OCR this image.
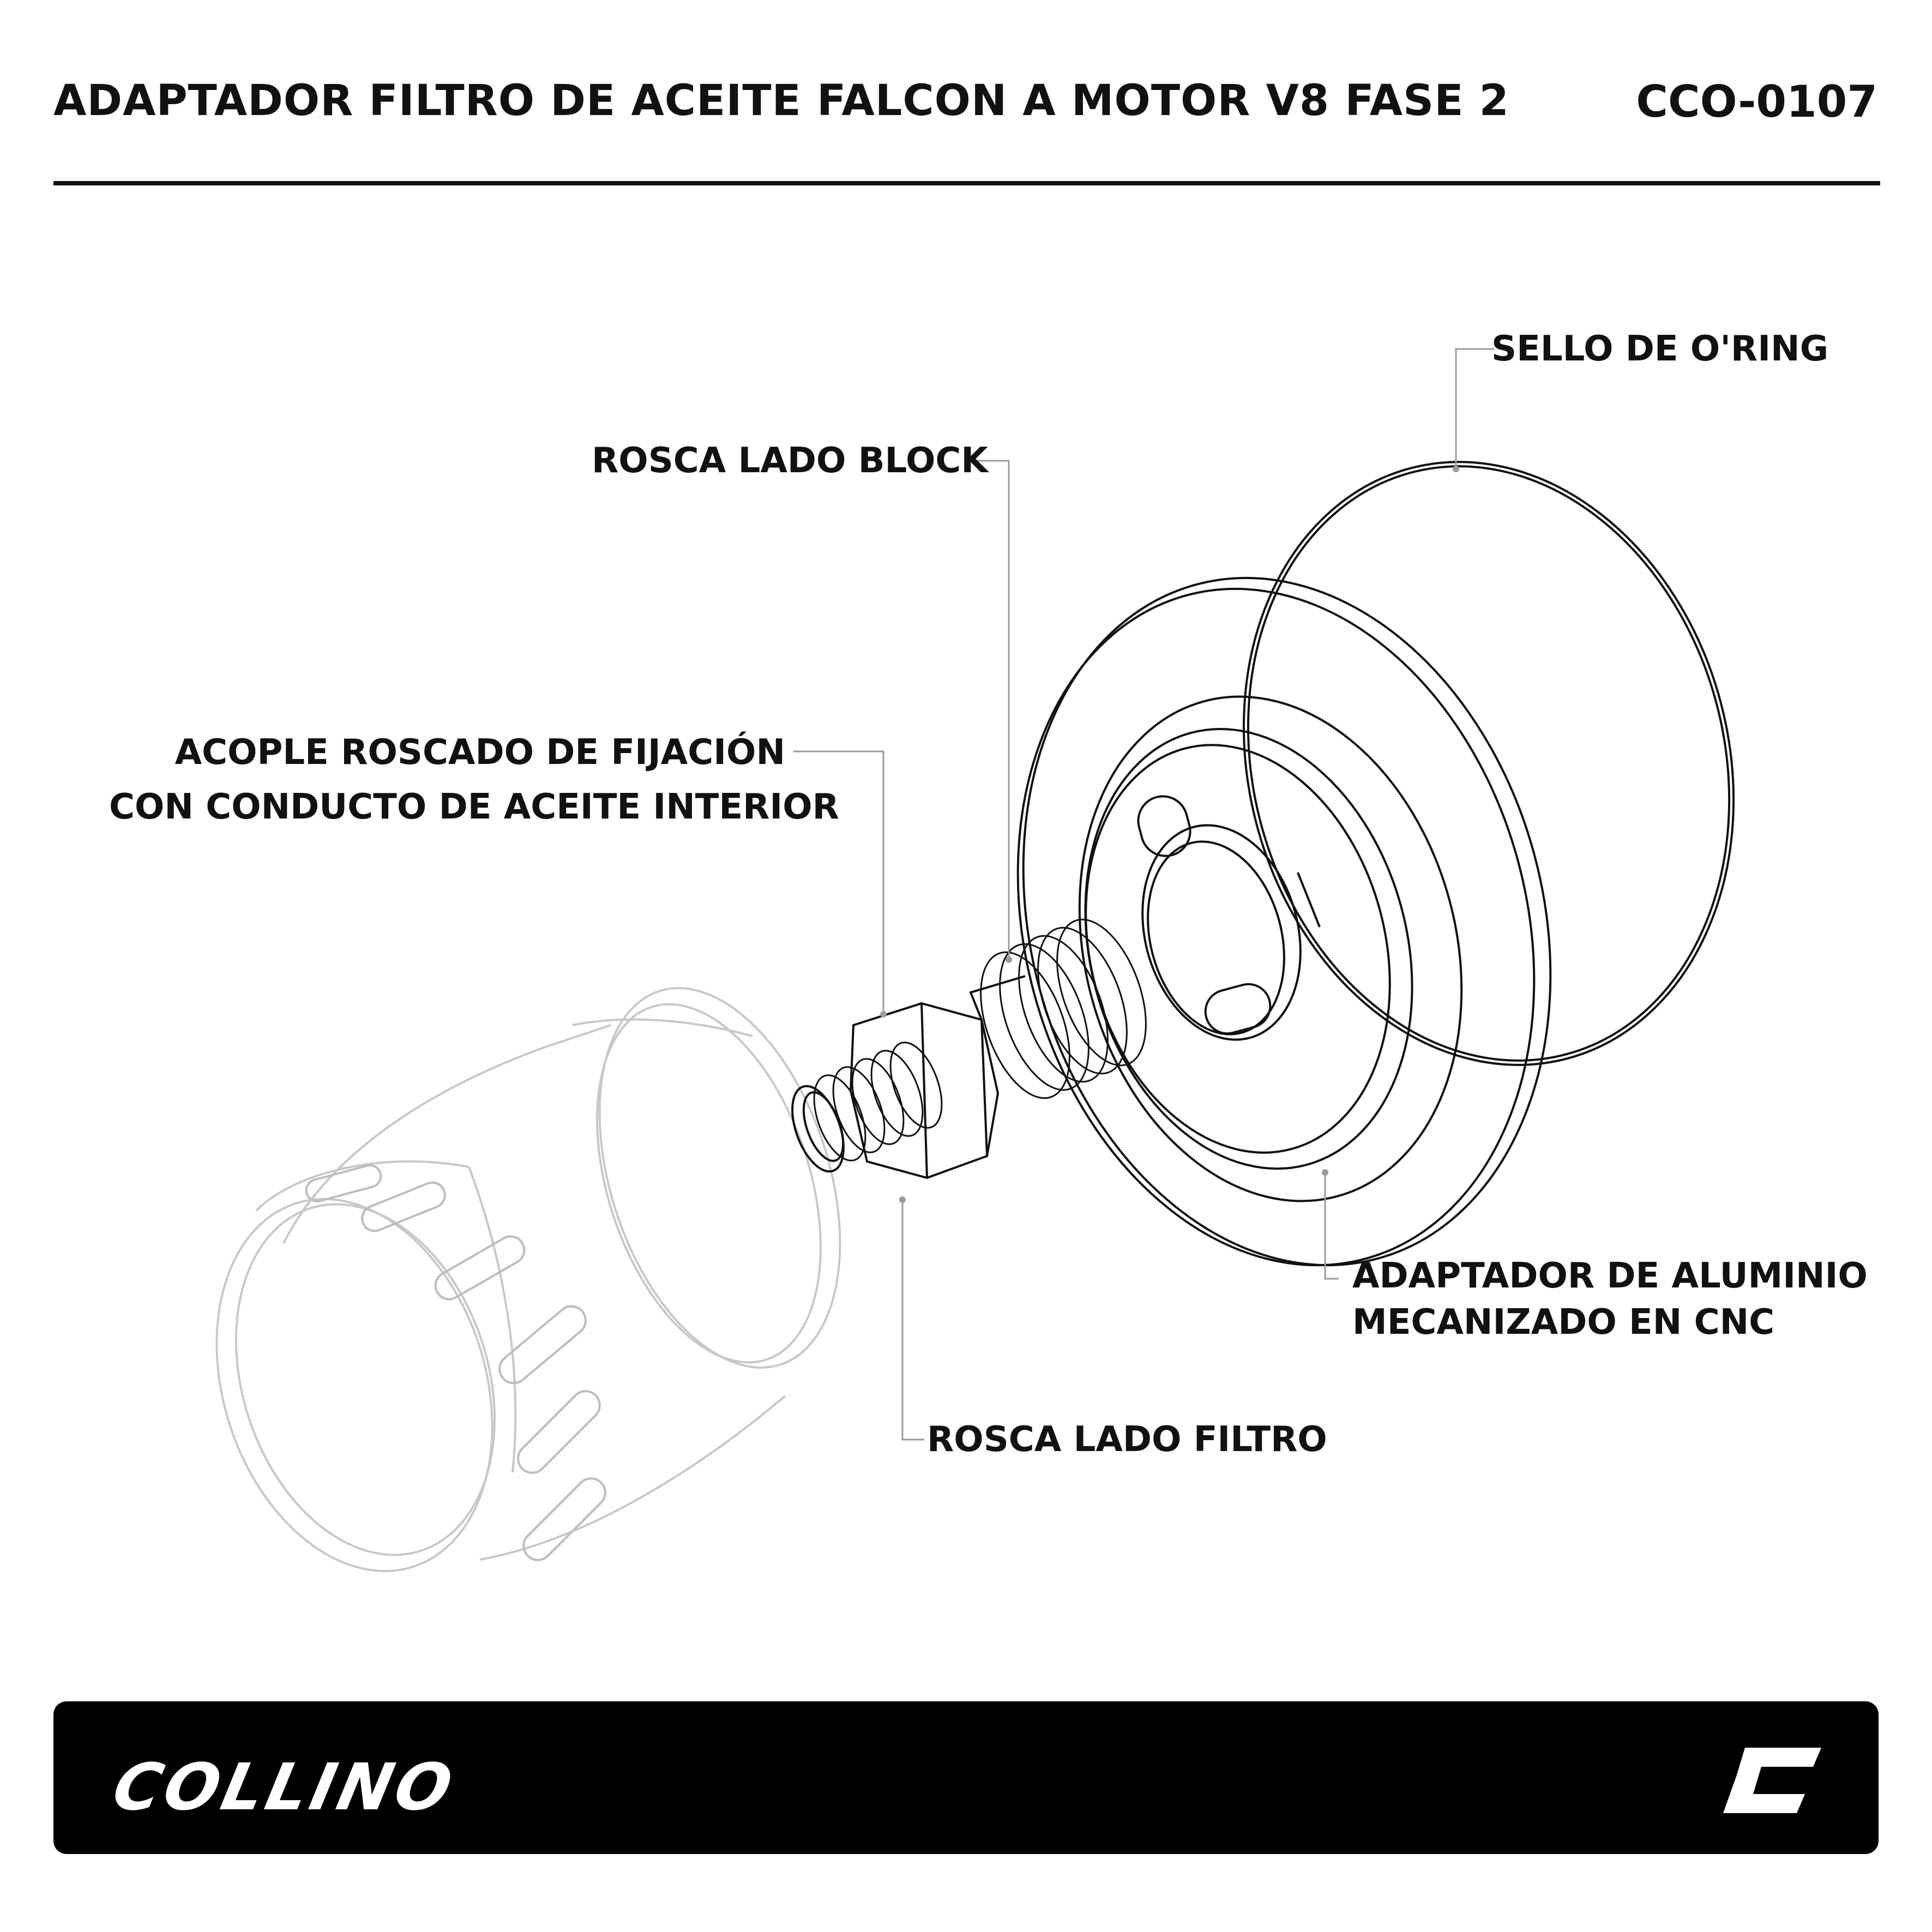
ADAPTADOR FILTRO DE ACEITE FALCON A MOTOR V8 FASE 2	CCO-0107
SELLO DE O'RING
ROSCA LADO BLOCK
ACOPLE ROSCADO DE FIJACIÓN
CON CONDUCTO DE ACEITE INTERIOR
ADAPTADOR DE ALUMINIO
MECANIZADO EN CNC
ROSCA LADO FILTRO
COLLINO
